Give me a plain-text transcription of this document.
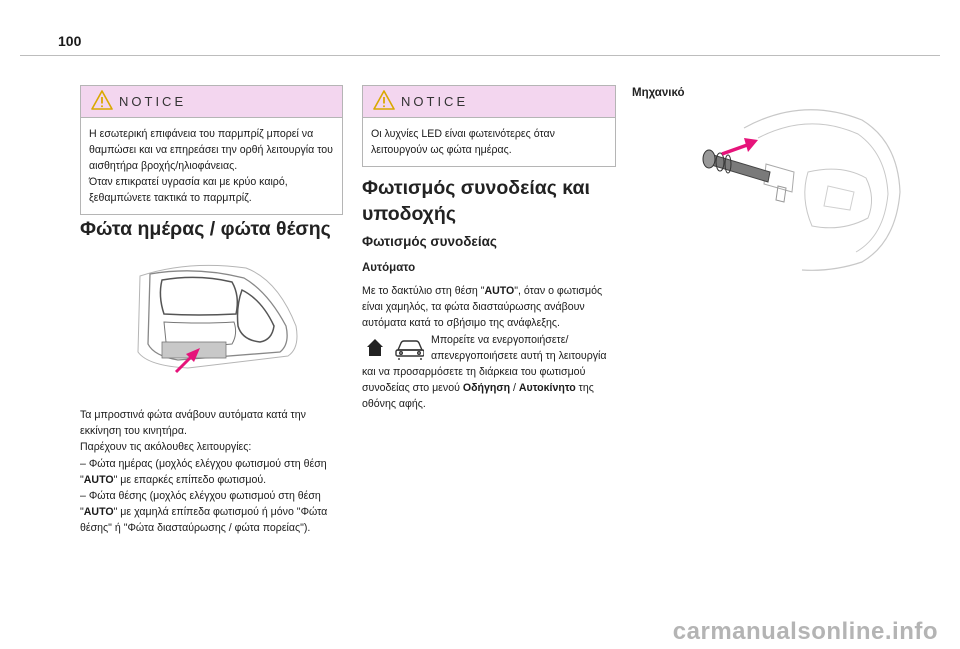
100
NOTICE

Η εσωτερική επιφάνεια του παρμπρίζ μπορεί να θαμπώσει και να επηρεάσει την ορθή λειτουργία του αισθητήρα βροχής/ηλιοφάνειας.

Όταν επικρατεί υγρασία και με κρύο καιρό, ξεθαμπώνετε τακτικά το παρμπρίζ.

Φώτα ημέρας / φώτα θέσης

Τα μπροστινά φώτα ανάβουν αυτόματα κατά την εκκίνηση του κινητήρα.

Παρέχουν τις ακόλουθες λειτουργίες:

– Φώτα ημέρας (μοχλός ελέγχου φωτισμού στη θέση "AUTO" με επαρκές επίπεδο φωτισμού.

– Φώτα θέσης (μοχλός ελέγχου φωτισμού στη θέση "AUTO" με χαμηλά επίπεδα φωτισμού ή μόνο "Φώτα θέσης" ή "Φώτα διασταύρωσης / φώτα πορείας").

NOTICE

Οι λυχνίες LED είναι φωτεινότερες όταν λειτουργούν ως φώτα ημέρας.

Φωτισμός συνοδείας και
υποδοχής
Φωτισμός συνοδείας
Αυτόματο

Με το δακτύλιο στη θέση "AUTO", όταν ο φωτισμός είναι χαμηλός, τα φώτα διασταύρωσης ανάβουν αυτόματα κατά το σβήσιμο της ανάφλεξης.

Μπορείτε να ενεργοποιήσετε/

απενεργοποιήσετε αυτή τη λειτουργία

και να προσαρμόσετε τη διάρκεια του φωτισμού συνοδείας στο μενού Οδήγηση / Αυτοκίνητο της οθόνης αφής.

Μηχανικό
carmanualsonline.info
